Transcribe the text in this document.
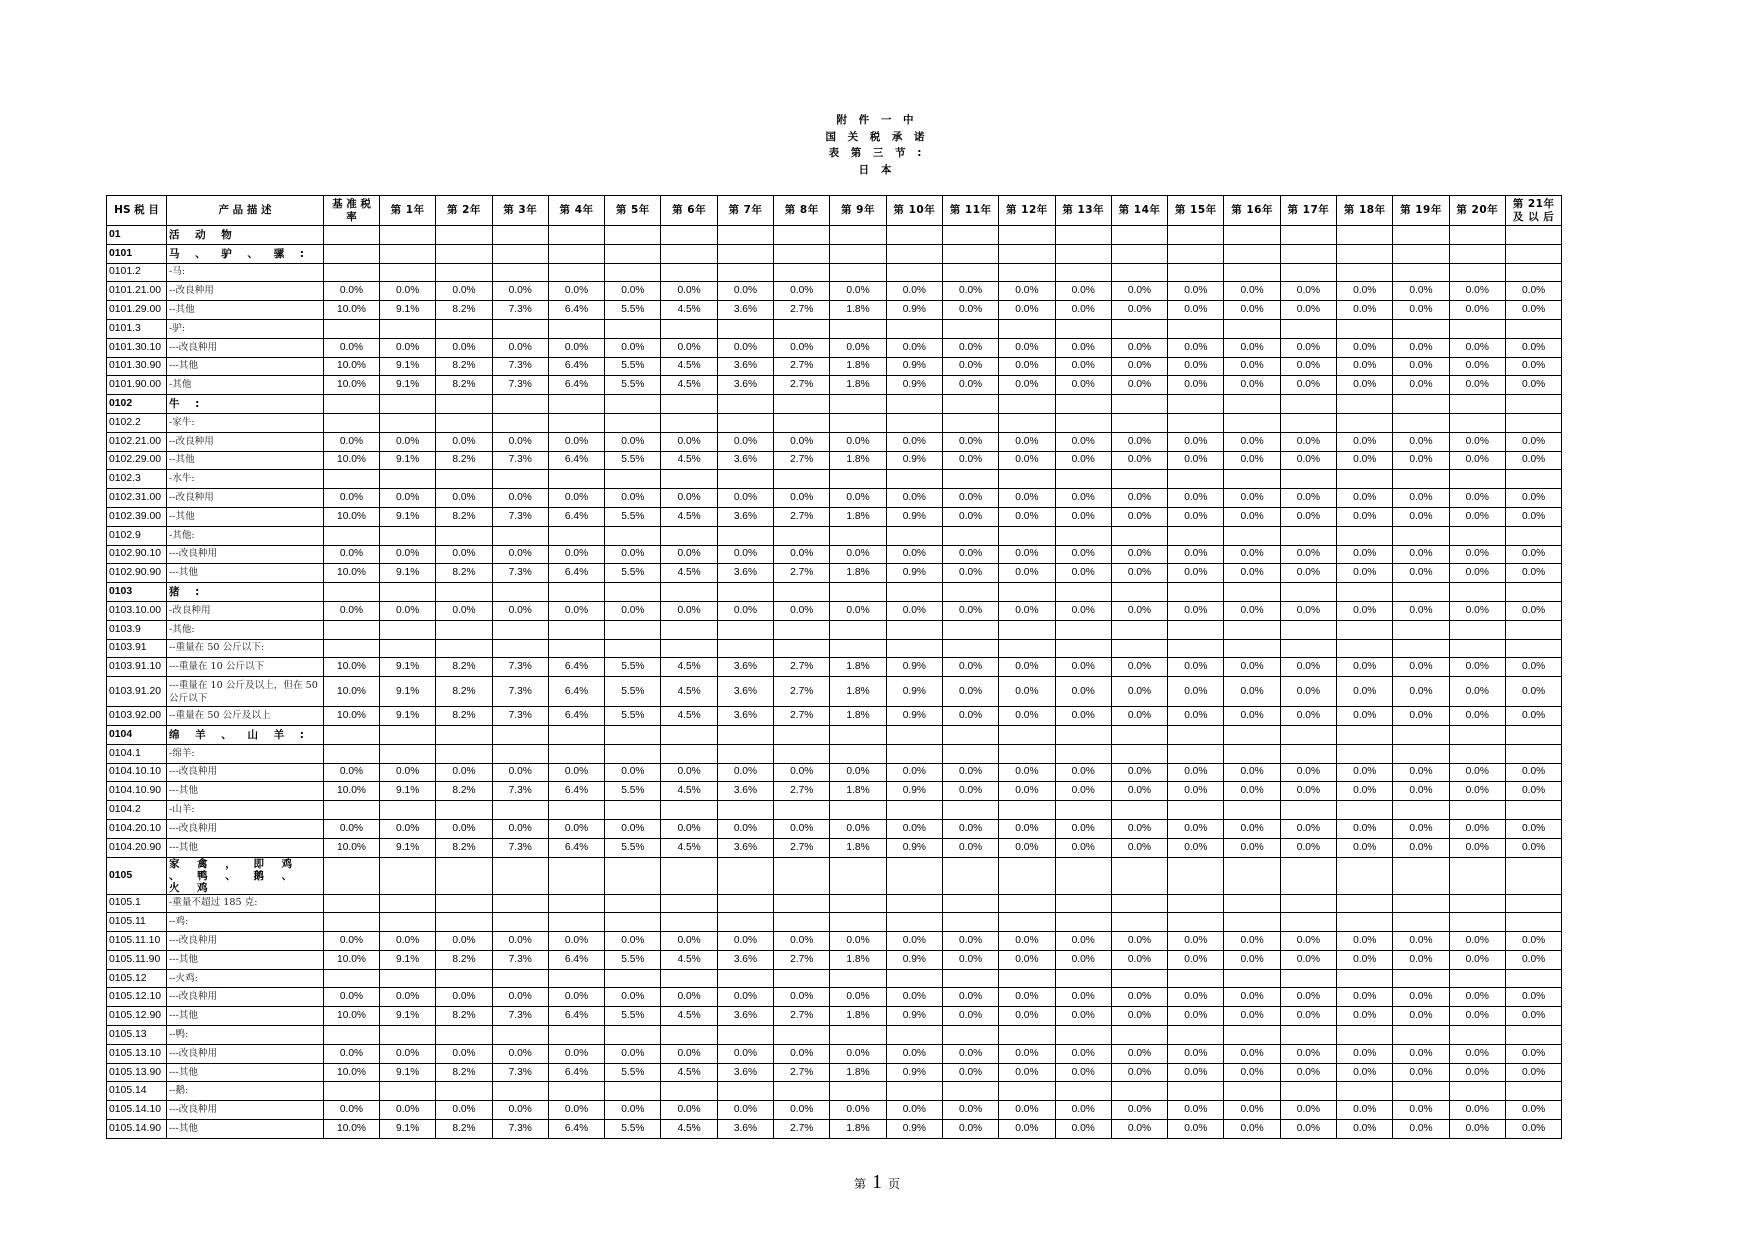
附 件 一 中
国 关 税 承 诺
表 第 三 节 :
日 本
HS 税 目	产 品 描 述	基 准 税 率	第 1年	第 2年	第 3年	第 4年	第 5年	第 6年	第 7年	第 8年	第 9年	第 10年	第 11年	第 12年	第 13年	第 14年	第 15年	第 16年	第 17年	第 18年	第 19年	第 20年	第 21年 及 以 后
01	活 动 物																						
0101	马 、 驴 、 骡 :																						
0101.2	-马:																						
0101.21.00	--改良种用	0.0%	0.0%	0.0%	0.0%	0.0%	0.0%	0.0%	0.0%	0.0%	0.0%	0.0%	0.0%	0.0%	0.0%	0.0%	0.0%	0.0%	0.0%	0.0%	0.0%	0.0%	0.0%
0101.29.00	--其他	10.0%	9.1%	8.2%	7.3%	6.4%	5.5%	4.5%	3.6%	2.7%	1.8%	0.9%	0.0%	0.0%	0.0%	0.0%	0.0%	0.0%	0.0%	0.0%	0.0%	0.0%	0.0%
0101.3	-驴:																						
0101.30.10	---改良种用	0.0%	0.0%	0.0%	0.0%	0.0%	0.0%	0.0%	0.0%	0.0%	0.0%	0.0%	0.0%	0.0%	0.0%	0.0%	0.0%	0.0%	0.0%	0.0%	0.0%	0.0%	0.0%
0101.30.90	---其他	10.0%	9.1%	8.2%	7.3%	6.4%	5.5%	4.5%	3.6%	2.7%	1.8%	0.9%	0.0%	0.0%	0.0%	0.0%	0.0%	0.0%	0.0%	0.0%	0.0%	0.0%	0.0%
0101.90.00	-其他	10.0%	9.1%	8.2%	7.3%	6.4%	5.5%	4.5%	3.6%	2.7%	1.8%	0.9%	0.0%	0.0%	0.0%	0.0%	0.0%	0.0%	0.0%	0.0%	0.0%	0.0%	0.0%
0102	牛 :																						
0102.2	-家牛:																						
0102.21.00	--改良种用	0.0%	0.0%	0.0%	0.0%	0.0%	0.0%	0.0%	0.0%	0.0%	0.0%	0.0%	0.0%	0.0%	0.0%	0.0%	0.0%	0.0%	0.0%	0.0%	0.0%	0.0%	0.0%
0102.29.00	--其他	10.0%	9.1%	8.2%	7.3%	6.4%	5.5%	4.5%	3.6%	2.7%	1.8%	0.9%	0.0%	0.0%	0.0%	0.0%	0.0%	0.0%	0.0%	0.0%	0.0%	0.0%	0.0%
0102.3	-水牛:																						
0102.31.00	--改良种用	0.0%	0.0%	0.0%	0.0%	0.0%	0.0%	0.0%	0.0%	0.0%	0.0%	0.0%	0.0%	0.0%	0.0%	0.0%	0.0%	0.0%	0.0%	0.0%	0.0%	0.0%	0.0%
0102.39.00	--其他	10.0%	9.1%	8.2%	7.3%	6.4%	5.5%	4.5%	3.6%	2.7%	1.8%	0.9%	0.0%	0.0%	0.0%	0.0%	0.0%	0.0%	0.0%	0.0%	0.0%	0.0%	0.0%
0102.9	-其他:																						
0102.90.10	---改良种用	0.0%	0.0%	0.0%	0.0%	0.0%	0.0%	0.0%	0.0%	0.0%	0.0%	0.0%	0.0%	0.0%	0.0%	0.0%	0.0%	0.0%	0.0%	0.0%	0.0%	0.0%	0.0%
0102.90.90	---其他	10.0%	9.1%	8.2%	7.3%	6.4%	5.5%	4.5%	3.6%	2.7%	1.8%	0.9%	0.0%	0.0%	0.0%	0.0%	0.0%	0.0%	0.0%	0.0%	0.0%	0.0%	0.0%
0103	猪 :																						
0103.10.00	-改良种用	0.0%	0.0%	0.0%	0.0%	0.0%	0.0%	0.0%	0.0%	0.0%	0.0%	0.0%	0.0%	0.0%	0.0%	0.0%	0.0%	0.0%	0.0%	0.0%	0.0%	0.0%	0.0%
0103.9	-其他:																						
0103.91	--重量在 50 公斤以下:																						
0103.91.10	---重量在 10 公斤以下	10.0%	9.1%	8.2%	7.3%	6.4%	5.5%	4.5%	3.6%	2.7%	1.8%	0.9%	0.0%	0.0%	0.0%	0.0%	0.0%	0.0%	0.0%	0.0%	0.0%	0.0%	0.0%
0103.91.20	---重量在 10 公斤及以上，但在 50 公斤以下	10.0%	9.1%	8.2%	7.3%	6.4%	5.5%	4.5%	3.6%	2.7%	1.8%	0.9%	0.0%	0.0%	0.0%	0.0%	0.0%	0.0%	0.0%	0.0%	0.0%	0.0%	0.0%
0103.92.00	--重量在 50 公斤及以上	10.0%	9.1%	8.2%	7.3%	6.4%	5.5%	4.5%	3.6%	2.7%	1.8%	0.9%	0.0%	0.0%	0.0%	0.0%	0.0%	0.0%	0.0%	0.0%	0.0%	0.0%	0.0%
0104	绵 羊 、 山 羊 :																						
0104.1	-绵羊:																						
0104.10.10	---改良种用	0.0%	0.0%	0.0%	0.0%	0.0%	0.0%	0.0%	0.0%	0.0%	0.0%	0.0%	0.0%	0.0%	0.0%	0.0%	0.0%	0.0%	0.0%	0.0%	0.0%	0.0%	0.0%
0104.10.90	---其他	10.0%	9.1%	8.2%	7.3%	6.4%	5.5%	4.5%	3.6%	2.7%	1.8%	0.9%	0.0%	0.0%	0.0%	0.0%	0.0%	0.0%	0.0%	0.0%	0.0%	0.0%	0.0%
0104.2	-山羊:																						
0104.20.10	---改良种用	0.0%	0.0%	0.0%	0.0%	0.0%	0.0%	0.0%	0.0%	0.0%	0.0%	0.0%	0.0%	0.0%	0.0%	0.0%	0.0%	0.0%	0.0%	0.0%	0.0%	0.0%	0.0%
0104.20.90	---其他	10.0%	9.1%	8.2%	7.3%	6.4%	5.5%	4.5%	3.6%	2.7%	1.8%	0.9%	0.0%	0.0%	0.0%	0.0%	0.0%	0.0%	0.0%	0.0%	0.0%	0.0%	0.0%
0105	家 禽 ， 即 鸡 、 鸭 、 鹅 、 火 鸡																						
0105.1	-重量不超过 185 克:																						
0105.11	--鸡:																						
0105.11.10	---改良种用	0.0%	0.0%	0.0%	0.0%	0.0%	0.0%	0.0%	0.0%	0.0%	0.0%	0.0%	0.0%	0.0%	0.0%	0.0%	0.0%	0.0%	0.0%	0.0%	0.0%	0.0%	0.0%
0105.11.90	---其他	10.0%	9.1%	8.2%	7.3%	6.4%	5.5%	4.5%	3.6%	2.7%	1.8%	0.9%	0.0%	0.0%	0.0%	0.0%	0.0%	0.0%	0.0%	0.0%	0.0%	0.0%	0.0%
0105.12	--火鸡:																						
0105.12.10	---改良种用	0.0%	0.0%	0.0%	0.0%	0.0%	0.0%	0.0%	0.0%	0.0%	0.0%	0.0%	0.0%	0.0%	0.0%	0.0%	0.0%	0.0%	0.0%	0.0%	0.0%	0.0%	0.0%
0105.12.90	---其他	10.0%	9.1%	8.2%	7.3%	6.4%	5.5%	4.5%	3.6%	2.7%	1.8%	0.9%	0.0%	0.0%	0.0%	0.0%	0.0%	0.0%	0.0%	0.0%	0.0%	0.0%	0.0%
0105.13	--鸭:																						
0105.13.10	---改良种用	0.0%	0.0%	0.0%	0.0%	0.0%	0.0%	0.0%	0.0%	0.0%	0.0%	0.0%	0.0%	0.0%	0.0%	0.0%	0.0%	0.0%	0.0%	0.0%	0.0%	0.0%	0.0%
0105.13.90	---其他	10.0%	9.1%	8.2%	7.3%	6.4%	5.5%	4.5%	3.6%	2.7%	1.8%	0.9%	0.0%	0.0%	0.0%	0.0%	0.0%	0.0%	0.0%	0.0%	0.0%	0.0%	0.0%
0105.14	--鹅:																						
0105.14.10	---改良种用	0.0%	0.0%	0.0%	0.0%	0.0%	0.0%	0.0%	0.0%	0.0%	0.0%	0.0%	0.0%	0.0%	0.0%	0.0%	0.0%	0.0%	0.0%	0.0%	0.0%	0.0%	0.0%
0105.14.90	---其他	10.0%	9.1%	8.2%	7.3%	6.4%	5.5%	4.5%	3.6%	2.7%	1.8%	0.9%	0.0%	0.0%	0.0%	0.0%	0.0%	0.0%	0.0%	0.0%	0.0%	0.0%	0.0%
第 1 页
